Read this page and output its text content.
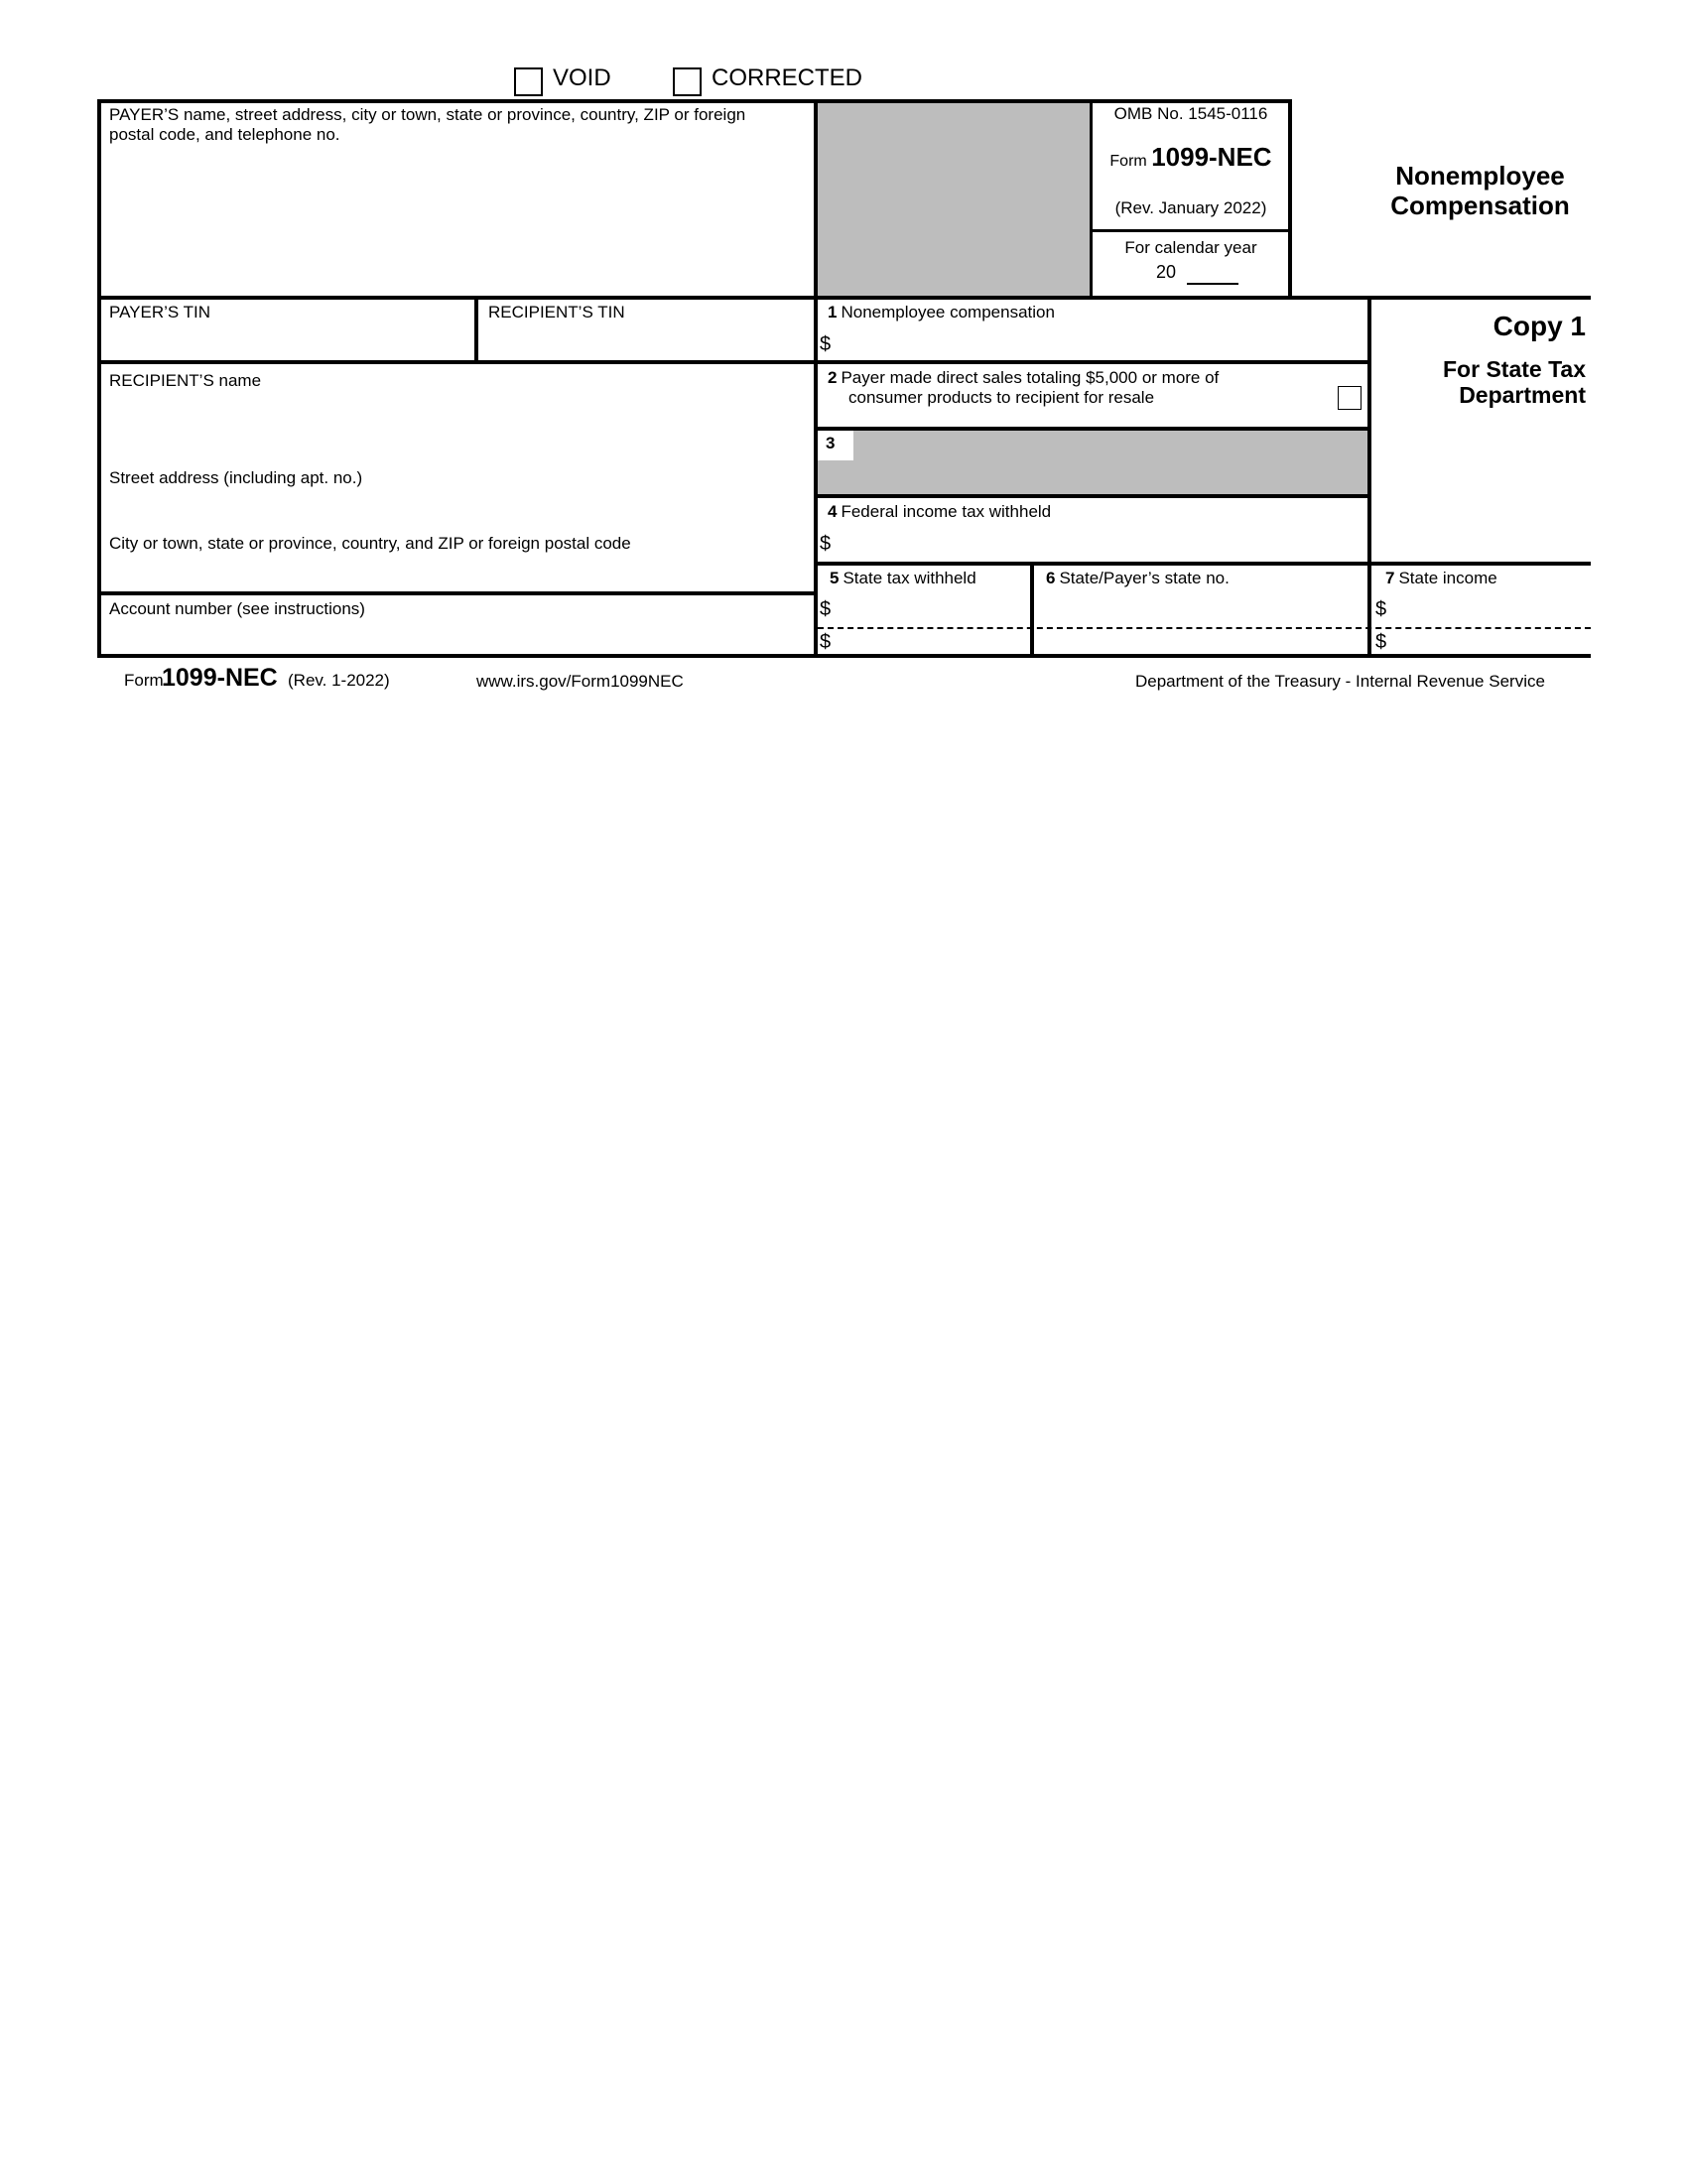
VOID	CORRECTED
PAYER’S name, street address, city or town, state or province, country, ZIP or foreign postal code, and telephone no.
OMB No. 1545-0116
Form 1099-NEC
(Rev. January 2022)
For calendar year
20
Nonemployee
Compensation
PAYER’S TIN	RECIPIENT’S TIN	1 Nonemployee compensation
$
Copy 1
For State Tax
Department
RECIPIENT’S name
Street address (including apt. no.)
City or town, state or province, country, and ZIP or foreign postal code
2 Payer made direct sales totaling $5,000 or more of
consumer products to recipient for resale
3
4 Federal income tax withheld
$
Account number (see instructions)
5 State tax withheld
$
$
6 State/Payer’s state no.	7 State income
$
$
Form
1099-NEC (Rev. 1-2022)	www.irs.gov/Form1099NEC	Department of the Treasury - Internal Revenue Service
